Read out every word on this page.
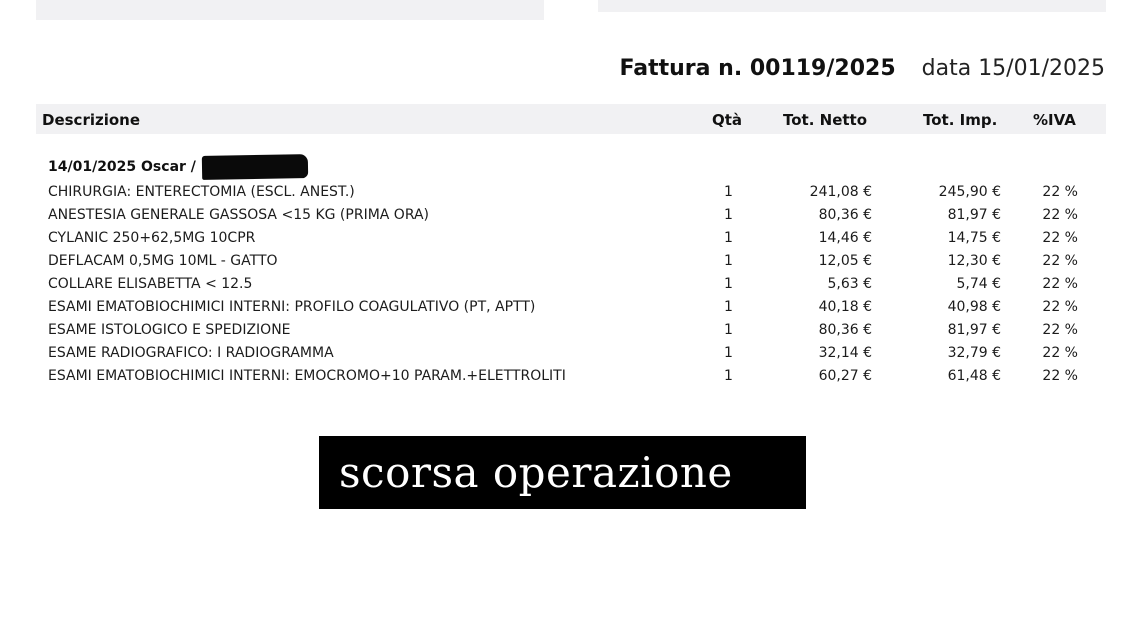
Fattura n. 00119/2025 data 15/01/2025
Descrizione	Qtà	Tot. Netto	Tot. Imp. %IVA
14/01/2025 Oscar /
CHIRURGIA: ENTERECTOMIA (ESCL. ANEST.)	1	241,08 €	245,90 €	22 %
ANESTESIA GENERALE GASSOSA <15 KG (PRIMA ORA)	1	80,36 €	81,97 €	22 %
CYLANIC 250+62,5MG 10CPR	1	14,46 €	14,75 €	22 %
DEFLACAM 0,5MG 10ML - GATTO	1	12,05 €	12,30 €	22 %
COLLARE ELISABETTA < 12.5	1	5,63 €	5,74 €	22 %
ESAMI EMATOBIOCHIMICI INTERNI: PROFILO COAGULATIVO (PT, APTT)	1	40,18 €	40,98 €	22 %
ESAME ISTOLOGICO E SPEDIZIONE	1	80,36 €	81,97 €	22 %
ESAME RADIOGRAFICO: I RADIOGRAMMA	1	32,14 €	32,79 €	22 %
ESAMI EMATOBIOCHIMICI INTERNI: EMOCROMO+10 PARAM.+ELETTROLITI	1	60,27 €	61,48 €	22 %
scorsa operazione
